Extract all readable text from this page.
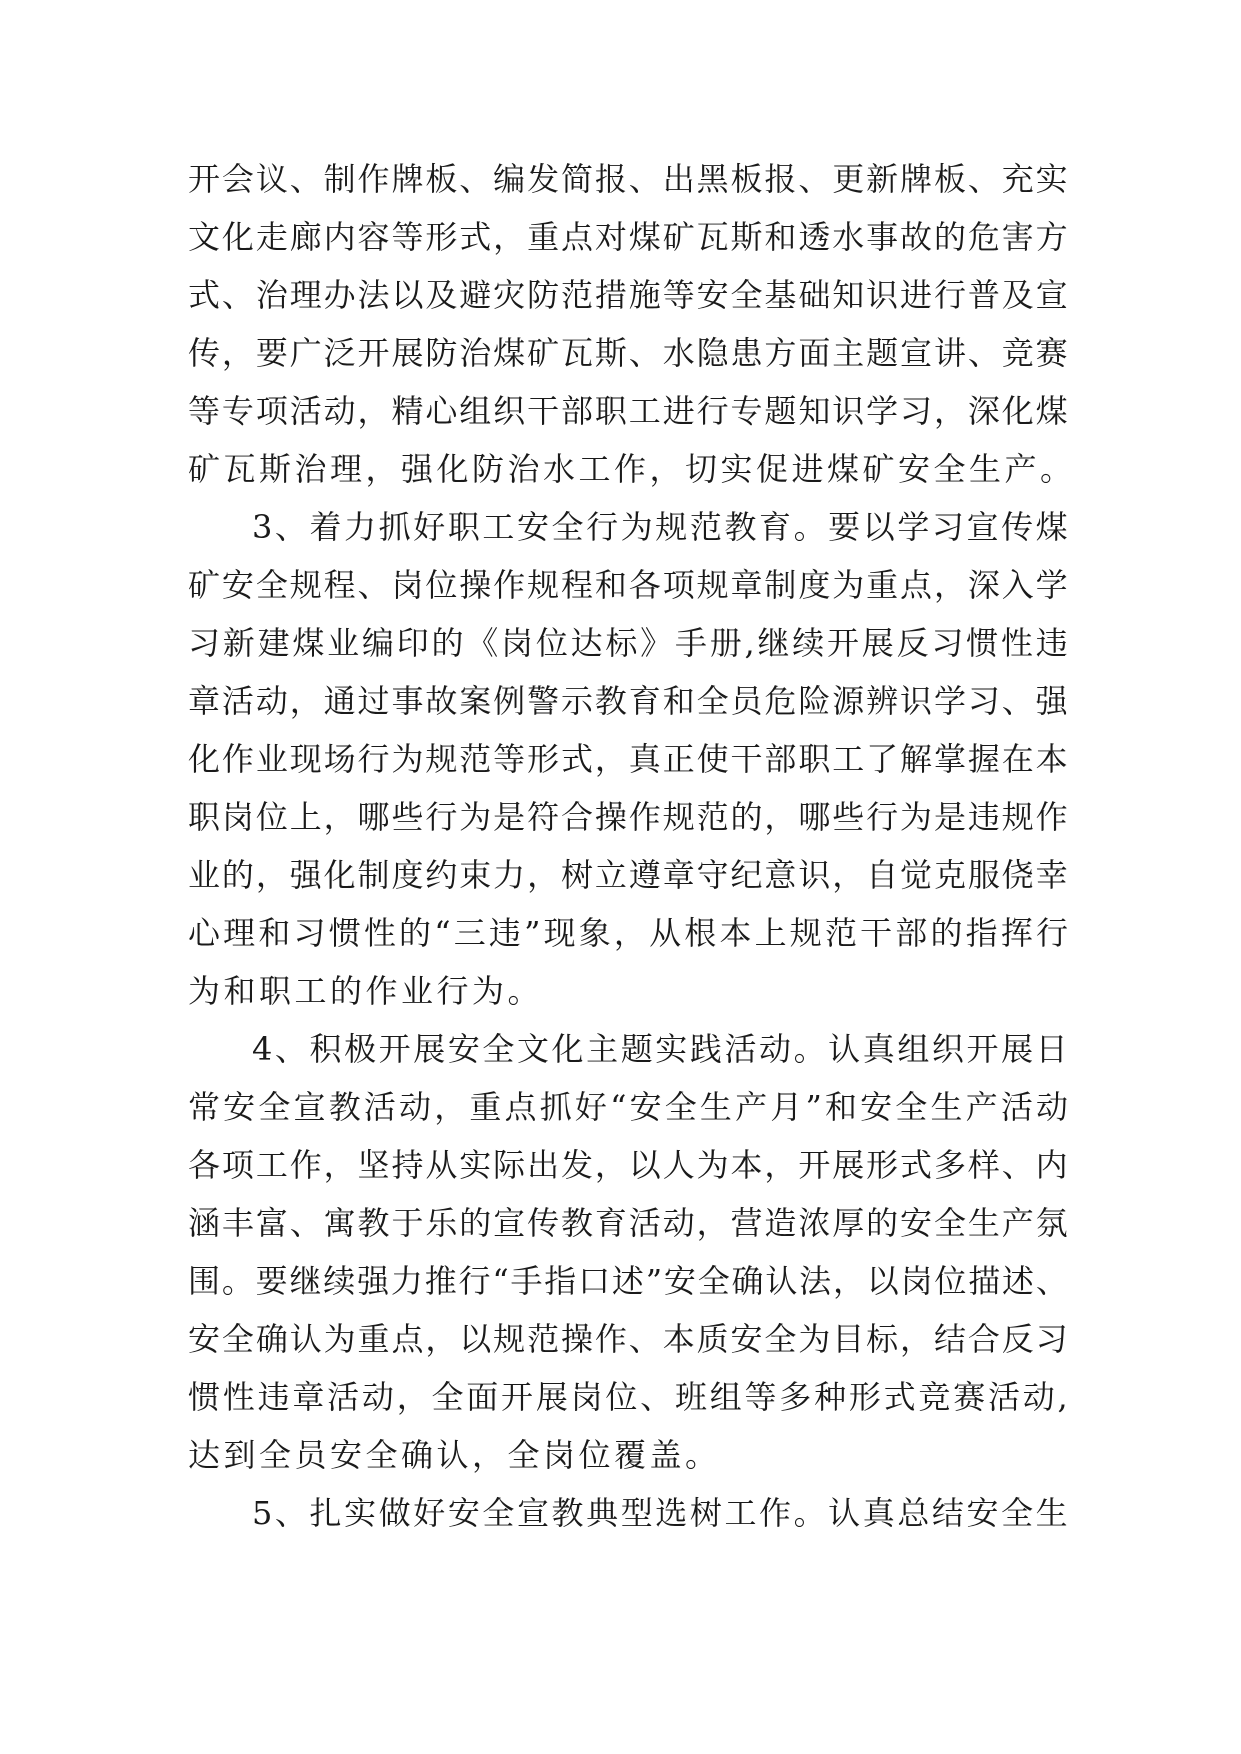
开 会 议 、 制 作 牌 板 、 编 发 简 报 、 出 黑 板 报 、 更 新 牌 板 、 充 实
文 化 走 廊 内 容 等 形 式 ， 重 点 对 煤 矿 瓦 斯 和 透 水 事 故 的 危 害 方
式 、 治 理 办 法 以 及 避 灾 防 范 措 施 等 安 全 基 础 知 识 进 行 普 及 宣
传 ， 要 广 泛 开 展 防 治 煤 矿 瓦 斯 、 水 隐 患 方 面 主 题 宣 讲 、 竞 赛
等 专 项 活 动 ， 精 心 组 织 干 部 职 工 进 行 专 题 知 识 学 习 ， 深 化 煤
矿瓦斯治理，强化防治水工作，切实促进煤矿安全生产。
3 、 着 力 抓 好 职 工 安 全 行 为 规 范 教 育 。 要 以 学 习 宣 传 煤
矿 安 全 规 程 、 岗 位 操 作 规 程 和 各 项 规 章 制 度 为 重 点 ， 深 入 学
习 新 建 煤 业 编 印 的 《 岗 位 达 标 》 手 册 , 继 续 开 展 反 习 惯 性 违
章 活 动 ， 通 过 事 故 案 例 警 示 教 育 和 全 员 危 险 源 辨 识 学 习 、 强
化 作 业 现 场 行 为 规 范 等 形 式 ， 真 正 使 干 部 职 工 了 解 掌 握 在 本
职 岗 位 上 ， 哪 些 行 为 是 符 合 操 作 规 范 的 ， 哪 些 行 为 是 违 规 作
业 的 ， 强 化 制 度 约 束 力 ， 树 立 遵 章 守 纪 意 识 ， 自 觉 克 服 侥 幸
心 理 和 习 惯 性 的 “ 三 违 ” 现 象 ， 从 根 本 上 规 范 干 部 的 指 挥 行
为和职工的作业行为。
4 、 积 极 开 展 安 全 文 化 主 题 实 践 活 动 。 认 真 组 织 开 展 日
常 安 全 宣 教 活 动 ， 重 点 抓 好 “ 安 全 生 产 月 ” 和 安 全 生 产 活 动
各 项 工 作 ， 坚 持 从 实 际 出 发 ， 以 人 为 本 ， 开 展 形 式 多 样 、 内
涵 丰 富 、 寓 教 于 乐 的 宣 传 教 育 活 动 ， 营 造 浓 厚 的 安 全 生 产 氛
围 。 要 继 续 强 力 推 行 “ 手 指 口 述 ” 安 全 确 认 法 ， 以 岗 位 描 述 、
安 全 确 认 为 重 点 ， 以 规 范 操 作 、 本 质 安 全 为 目 标 ， 结 合 反 习
惯 性 违 章 活 动 ， 全 面 开 展 岗 位 、 班 组 等 多 种 形 式 竞 赛 活 动 ,
达到全员安全确认，全岗位覆盖。
5 、 扎 实 做 好 安 全 宣 教 典 型 选 树 工 作 。 认 真 总 结 安 全 生
